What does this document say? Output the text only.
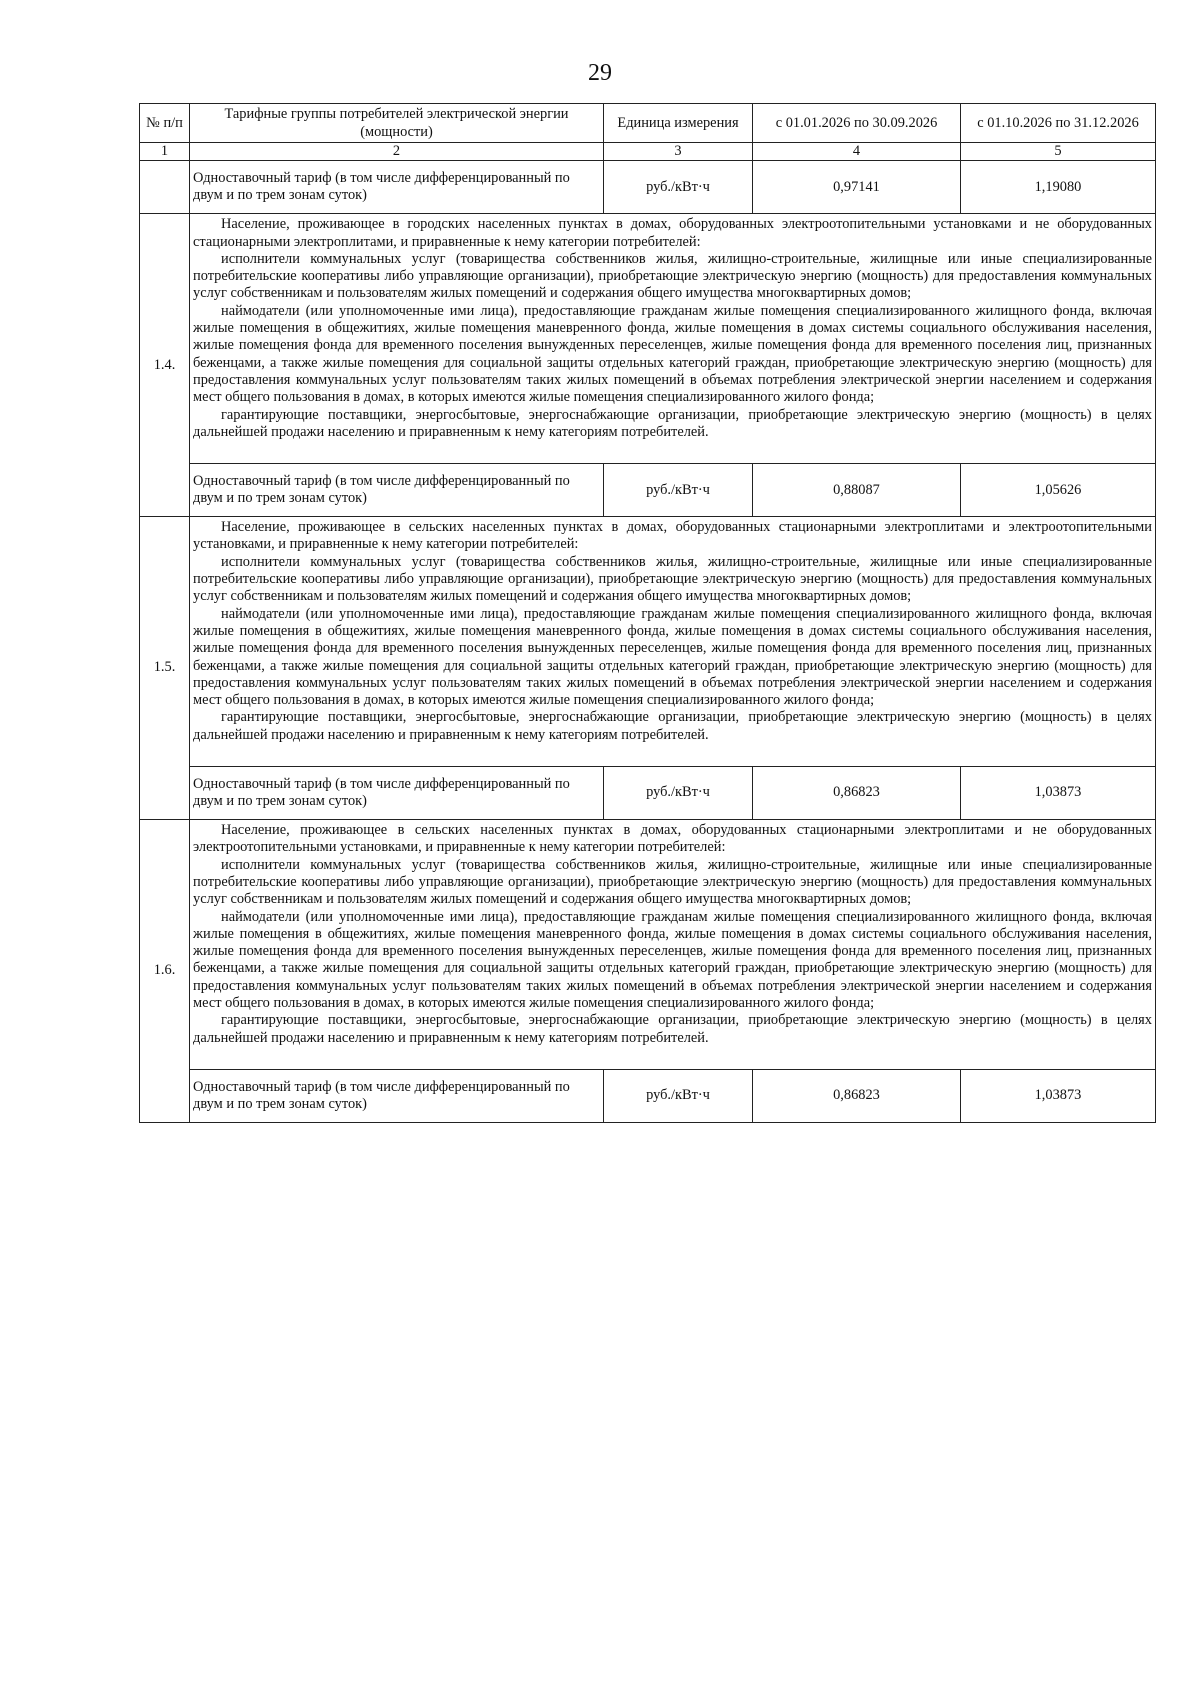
29
№ п/п	Тарифные группы потребителей электрической энергии (мощности)	Единица измерения	с 01.01.2026 по 30.09.2026	с 01.10.2026 по 31.12.2026
1	2	3	4	5
	Одноставочный тариф (в том числе дифференцированный по двум и по трем зонам суток)	руб./кВт·ч	0,97141	1,19080
1.4.	Население, проживающее в городских населенных пунктах в домах, оборудованных электроотопительными установками и не оборудованных стационарными электроплитами, и приравненные к нему категории потребителей:

исполнители коммунальных услуг (товарищества собственников жилья, жилищно-строительные, жилищные или иные специализированные потребительские кооперативы либо управляющие организации), приобретающие электрическую энергию (мощность) для предоставления коммунальных услуг собственникам и пользователям жилых помещений и содержания общего имущества многоквартирных домов;

наймодатели (или уполномоченные ими лица), предоставляющие гражданам жилые помещения специализированного жилищного фонда, включая жилые помещения в общежитиях, жилые помещения маневренного фонда, жилые помещения в домах системы социального обслуживания населения, жилые помещения фонда для временного поселения вынужденных переселенцев, жилые помещения фонда для временного поселения лиц, признанных беженцами, а также жилые помещения для социальной защиты отдельных категорий граждан, приобретающие электрическую энергию (мощность) для предоставления коммунальных услуг пользователям таких жилых помещений в объемах потребления электрической энергии населением и содержания мест общего пользования в домах, в которых имеются жилые помещения специализированного жилого фонда;

гарантирующие поставщики, энергосбытовые, энергоснабжающие организации, приобретающие электрическую энергию (мощность) в целях дальнейшей продажи населению и приравненным к нему категориям потребителей.			

	Одноставочный тариф (в том числе дифференцированный по двум и по трем зонам суток)	руб./кВт·ч	0,88087	1,05626
1.5.	Население, проживающее в сельских населенных пунктах в домах, оборудованных стационарными электроплитами и электроотопительными установками, и приравненные к нему категории потребителей:

исполнители коммунальных услуг (товарищества собственников жилья, жилищно-строительные, жилищные или иные специализированные потребительские кооперативы либо управляющие организации), приобретающие электрическую энергию (мощность) для предоставления коммунальных услуг собственникам и пользователям жилых помещений и содержания общего имущества многоквартирных домов;

наймодатели (или уполномоченные ими лица), предоставляющие гражданам жилые помещения специализированного жилищного фонда, включая жилые помещения в общежитиях, жилые помещения маневренного фонда, жилые помещения в домах системы социального обслуживания населения, жилые помещения фонда для временного поселения вынужденных переселенцев, жилые помещения фонда для временного поселения лиц, признанных беженцами, а также жилые помещения для социальной защиты отдельных категорий граждан, приобретающие электрическую энергию (мощность) для предоставления коммунальных услуг пользователям таких жилых помещений в объемах потребления электрической энергии населением и содержания мест общего пользования в домах, в которых имеются жилые помещения специализированного жилого фонда;

гарантирующие поставщики, энергосбытовые, энергоснабжающие организации, приобретающие электрическую энергию (мощность) в целях дальнейшей продажи населению и приравненным к нему категориям потребителей.			

	Одноставочный тариф (в том числе дифференцированный по двум и по трем зонам суток)	руб./кВт·ч	0,86823	1,03873
1.6.	Население, проживающее в сельских населенных пунктах в домах, оборудованных стационарными электроплитами и не оборудованных электроотопительными установками, и приравненные к нему категории потребителей:

исполнители коммунальных услуг (товарищества собственников жилья, жилищно-строительные, жилищные или иные специализированные потребительские кооперативы либо управляющие организации), приобретающие электрическую энергию (мощность) для предоставления коммунальных услуг собственникам и пользователям жилых помещений и содержания общего имущества многоквартирных домов;

наймодатели (или уполномоченные ими лица), предоставляющие гражданам жилые помещения специализированного жилищного фонда, включая жилые помещения в общежитиях, жилые помещения маневренного фонда, жилые помещения в домах системы социального обслуживания населения, жилые помещения фонда для временного поселения вынужденных переселенцев, жилые помещения фонда для временного поселения лиц, признанных беженцами, а также жилые помещения для социальной защиты отдельных категорий граждан, приобретающие электрическую энергию (мощность) для предоставления коммунальных услуг пользователям таких жилых помещений в объемах потребления электрической энергии населением и содержания мест общего пользования в домах, в которых имеются жилые помещения специализированного жилого фонда;

гарантирующие поставщики, энергосбытовые, энергоснабжающие организации, приобретающие электрическую энергию (мощность) в целях дальнейшей продажи населению и приравненным к нему категориям потребителей.			

	Одноставочный тариф (в том числе дифференцированный по двум и по трем зонам суток)	руб./кВт·ч	0,86823	1,03873
